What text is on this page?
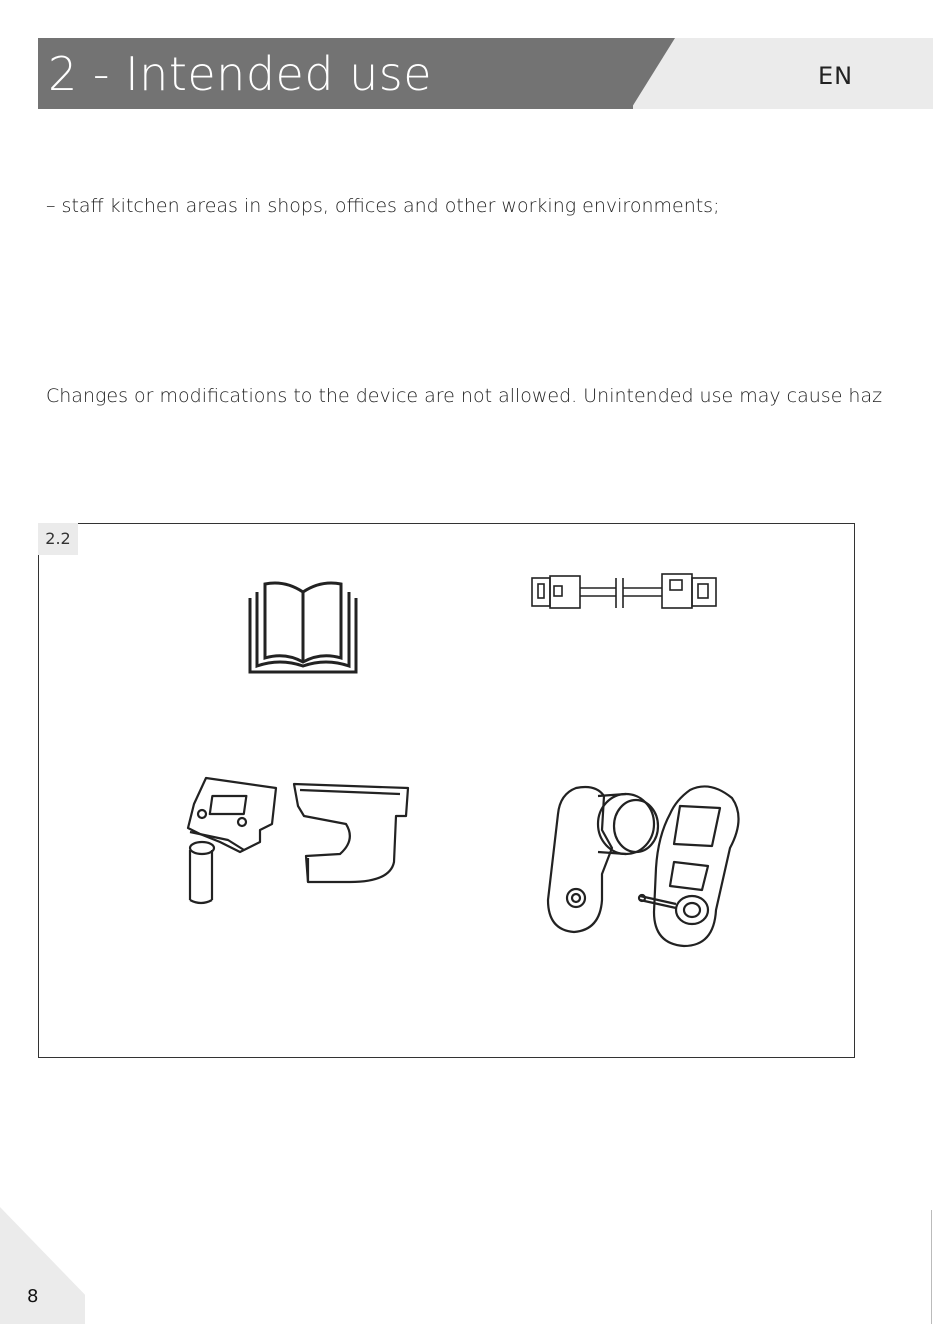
2 - Intended use	EN
– staff kitchen areas in shops, offices and other working environments;
Changes or modifications to the device are not allowed. Unintended use may cause haz
2.2
8
